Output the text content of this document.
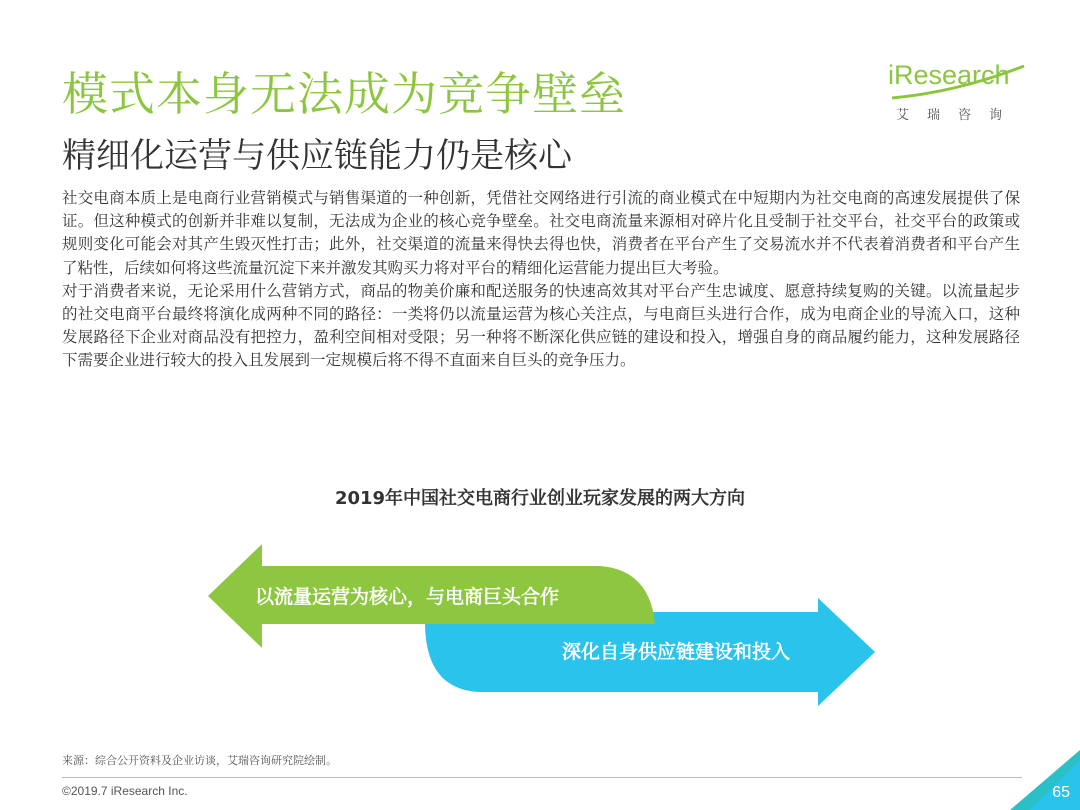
模式本身无法成为竞争壁垒
精细化运营与供应链能力仍是核心
iResearch
艾瑞咨询

社交电商本质上是电商行业营销模式与销售渠道的一种创新，凭借社交网络进行引流的商业模式在中短期内为社交电商的高速发展提供了保证。但这种模式的创新并非难以复制，无法成为企业的核心竞争壁垒。社交电商流量来源相对碎片化且受制于社交平台，社交平台的政策或规则变化可能会对其产生毁灭性打击；此外，社交渠道的流量来得快去得也快，消费者在平台产生了交易流水并不代表着消费者和平台产生了粘性，后续如何将这些流量沉淀下来并激发其购买力将对平台的精细化运营能力提出巨大考验。

对于消费者来说，无论采用什么营销方式，商品的物美价廉和配送服务的快速高效其对平台产生忠诚度、愿意持续复购的关键。以流量起步的社交电商平台最终将演化成两种不同的路径：一类将仍以流量运营为核心关注点，与电商巨头进行合作，成为电商企业的导流入口，这种发展路径下企业对商品没有把控力，盈利空间相对受限；另一种将不断深化供应链的建设和投入，增强自身的商品履约能力，这种发展路径下需要企业进行较大的投入且发展到一定规模后将不得不直面来自巨头的竞争压力。

2019年中国社交电商行业创业玩家发展的两大方向
以流量运营为核心，与电商巨头合作
深化自身供应链建设和投入
来源：综合公开资料及企业访谈，艾瑞咨询研究院绘制。
©2019.7 iResearch Inc.	65
